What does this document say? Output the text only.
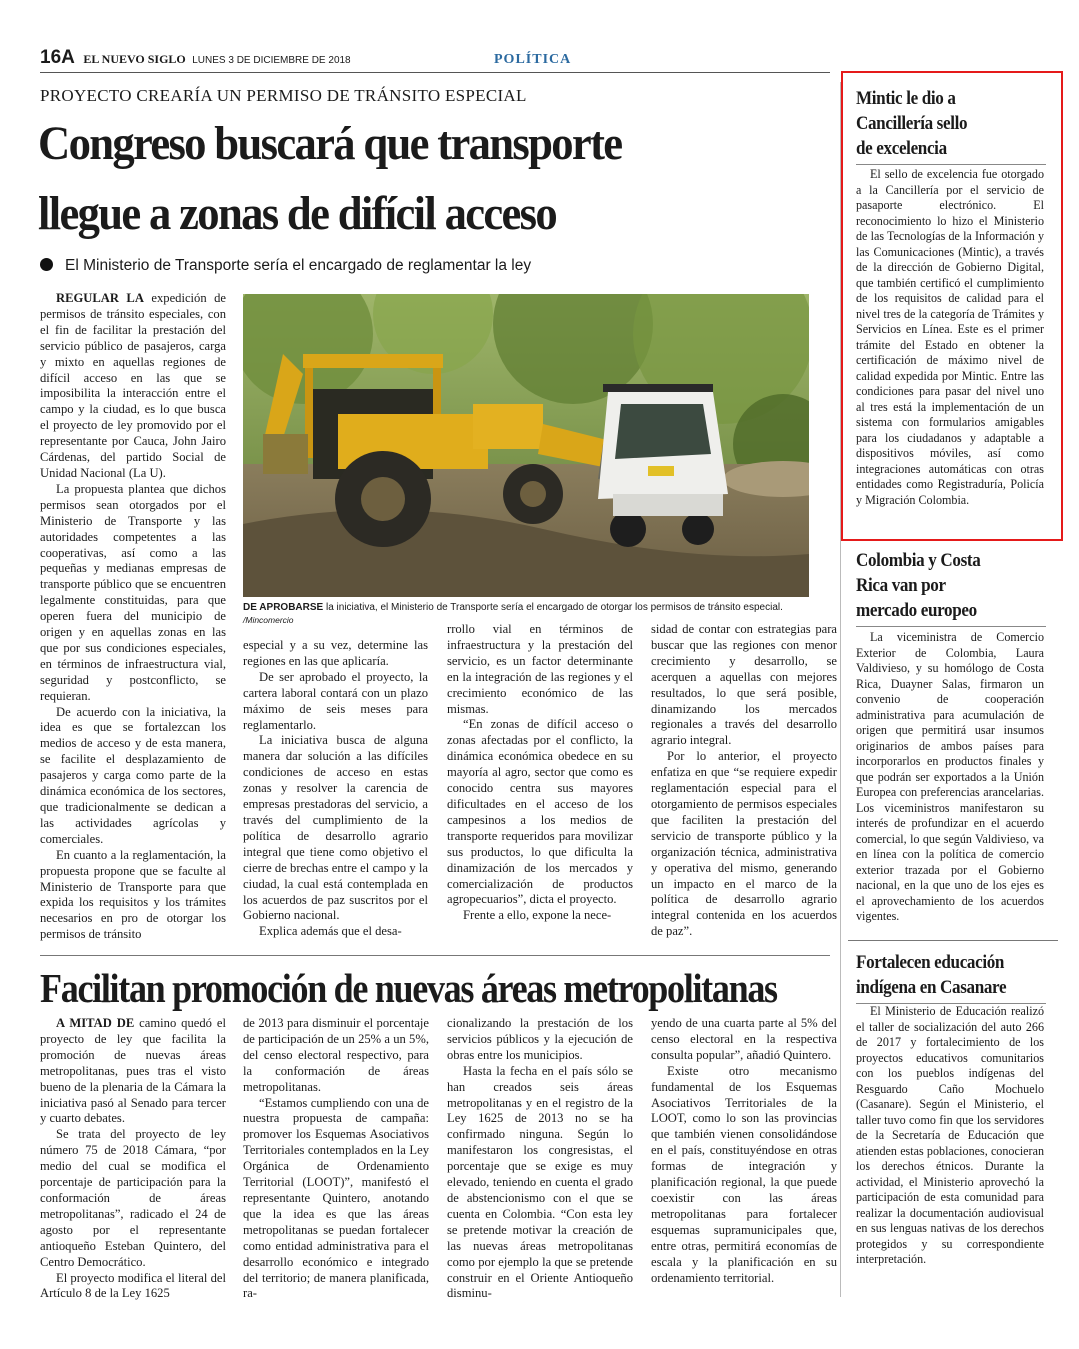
16A EL NUEVO SIGLO LUNES 3 DE DICIEMBRE DE 2018	POLÍTICA
PROYECTO CREARÍA UN PERMISO DE TRÁNSITO ESPECIAL
Congreso buscará que transporte
llegue a zonas de difícil acceso
El Ministerio de Transporte sería el encargado de reglamentar la ley

REGULAR LA expedición de permisos de tránsito especiales, con el fin de facilitar la prestación del servicio público de pasajeros, carga y mixto en aquellas regiones de difícil acceso en las que se imposibilita la interacción entre el campo y la ciudad, es lo que busca el proyecto de ley promovido por el representante por Cauca, John Jairo Cárdenas, del partido Social de Unidad Nacional (La U).

La propuesta plantea que dichos permisos sean otorgados por el Ministerio de Transporte y las autoridades competentes a las cooperativas, así como a las pequeñas y medianas empresas de transporte público que se encuentren legalmente constituidas, para que operen fuera del municipio de origen y en aquellas zonas en las que por sus condiciones especiales, en términos de infraestructura vial, seguridad y postconflicto, se requieran.

De acuerdo con la iniciativa, la idea es que se fortalezcan los medios de acceso y de esta manera, se facilite el desplazamiento de pasajeros y carga como parte de la dinámica económica de los sectores, que tradicionalmente se dedican a las actividades agrícolas y comerciales.

En cuanto a la reglamentación, la propuesta propone que se faculte al Ministerio de Transporte para que expida los requisitos y los trámites necesarios en pro de otorgar los permisos de tránsito

DE APROBARSE la iniciativa, el Ministerio de Transporte sería el encargado de otorgar los permisos de tránsito especial. /Mincomercio

especial y a su vez, determine las regiones en las que aplicaría.

De ser aprobado el proyecto, la cartera laboral contará con un plazo máximo de seis meses para reglamentarlo.

La iniciativa busca de alguna manera dar solución a las difíciles condiciones de acceso en estas zonas y resolver la carencia de empresas prestadoras del servicio, a través del cumplimiento de la política de desarrollo agrario integral que tiene como objetivo el cierre de brechas entre el campo y la ciudad, la cual está contemplada en los acuerdos de paz suscritos por el Gobierno nacional.

Explica además que el desa-

rrollo vial en términos de infraestructura y la prestación del servicio, es un factor determinante en la integración de las regiones y el crecimiento económico de las mismas.

“En zonas de difícil acceso o zonas afectadas por el conflicto, la dinámica económica obedece en su mayoría al agro, sector que como es conocido centra sus mayores dificultades en el acceso de los campesinos a los medios de transporte requeridos para movilizar sus productos, lo que dificulta la dinamización de los mercados y comercialización de productos agropecuarios”, dicta el proyecto.

Frente a ello, expone la nece-

sidad de contar con estrategias para buscar que las regiones con menor crecimiento y desarrollo, se acerquen a aquellas con mejores resultados, lo que será posible, dinamizando los mercados regionales a través del desarrollo agrario integral.

Por lo anterior, el proyecto enfatiza en que “se requiere expedir reglamentación especial para el otorgamiento de permisos especiales que faciliten la prestación del servicio de transporte público y la organización técnica, administrativa y operativa del mismo, generando un impacto en el marco de la política de desarrollo agrario integral contenida en los acuerdos de paz”.

Facilitan promoción de nuevas áreas metropolitanas

A MITAD DE camino quedó el proyecto de ley que facilita la promoción de nuevas áreas metropolitanas, pues tras el visto bueno de la plenaria de la Cámara la iniciativa pasó al Senado para tercer y cuarto debates.

Se trata del proyecto de ley número 75 de 2018 Cámara, “por medio del cual se modifica el porcentaje de participación para la conformación de áreas metropolitanas”, radicado el 24 de agosto por el representante antioqueño Esteban Quintero, del Centro Democrático.

El proyecto modifica el literal del Artículo 8 de la Ley 1625

de 2013 para disminuir el porcentaje de participación de un 25% a un 5%, del censo electoral respectivo, para la conformación de áreas metropolitanas.

“Estamos cumpliendo con una de nuestra propuesta de campaña: promover los Esquemas Asociativos Territoriales contemplados en la Ley Orgánica de Ordenamiento Territorial (LOOT)”, manifestó el representante Quintero, anotando que la idea es que las áreas metropolitanas se puedan fortalecer como entidad administrativa para el desarrollo económico e integrado del territorio; de manera planificada, ra-

cionalizando la prestación de los servicios públicos y la ejecución de obras entre los municipios.

Hasta la fecha en el país sólo se han creados seis áreas metropolitanas y en el registro de la Ley 1625 de 2013 no se ha confirmado ninguna. Según lo manifestaron los congresistas, el porcentaje que se exige es muy elevado, teniendo en cuenta el grado de abstencionismo con el que se cuenta en Colombia. “Con esta ley se pretende motivar la creación de las nuevas áreas metropolitanas como por ejemplo la que se pretende construir en el Oriente Antioqueño disminu-

yendo de una cuarta parte al 5% del censo electoral en la respectiva consulta popular”, añadió Quintero.

Existe otro mecanismo fundamental de los Esquemas Asociativos Territoriales de la LOOT, como lo son las provincias que también vienen consolidándose en el país, constituyéndose en otras formas de integración y planificación regional, la que puede coexistir con las áreas metropolitanas para fortalecer esquemas supramunicipales que, entre otras, permitirá economías de escala y la planificación en su ordenamiento territorial.

Mintic le dio a
Cancillería sello
de excelencia

El sello de excelencia fue otorgado a la Cancillería por el servicio de pasaporte electrónico. El reconocimiento lo hizo el Ministerio de las Tecnologías de la Información y las Comunicaciones (Mintic), a través de la dirección de Gobierno Digital, que también certificó el cumplimiento de los requisitos de calidad para el nivel tres de la categoría de Trámites y Servicios en Línea. Este es el primer trámite del Estado en obtener la certificación de máximo nivel de calidad expedida por Mintic. Entre las condiciones para pasar del nivel uno al tres está la implementación de un sistema con formularios amigables para los ciudadanos y adaptable a dispositivos móviles, así como integraciones automáticas con otras entidades como Registraduría, Policía y Migración Colombia.

Colombia y Costa
Rica van por
mercado europeo

La viceministra de Comercio Exterior de Colombia, Laura Valdivieso, y su homólogo de Costa Rica, Duayner Salas, firmaron un convenio de cooperación administrativa para acumulación de origen que permitirá usar insumos originarios de ambos países para incorporarlos en productos finales y que podrán ser exportados a la Unión Europea con preferencias arancelarias. Los viceministros manifestaron su interés de profundizar en el acuerdo comercial, lo que según Valdivieso, va en línea con la política de comercio exterior trazada por el Gobierno nacional, en la que uno de los ejes es el aprovechamiento de los acuerdos vigentes.

Fortalecen educación
indígena en Casanare

El Ministerio de Educación realizó el taller de socialización del auto 266 de 2017 y fortalecimiento de los proyectos educativos comunitarios con los pueblos indígenas del Resguardo Caño Mochuelo (Casanare). Según el Ministerio, el taller tuvo como fin que los servidores de la Secretaría de Educación que atienden estas poblaciones, conocieran los derechos étnicos. Durante la actividad, el Ministerio aprovechó la participación de esta comunidad para realizar la documentación audiovisual en sus lenguas nativas de los derechos protegidos y su correspondiente interpretación.
